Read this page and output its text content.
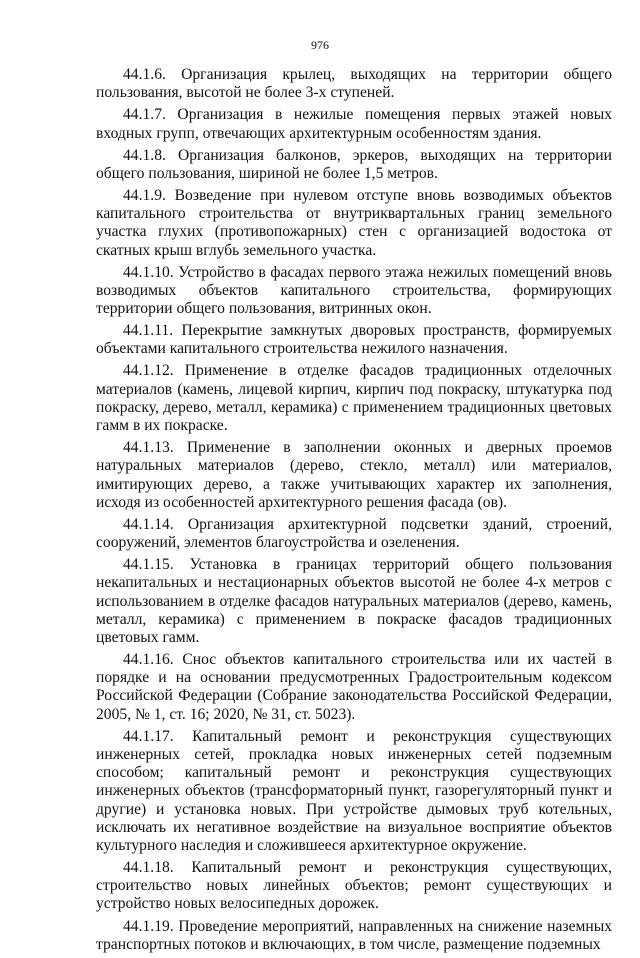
976

44.1.6. Организация крылец, выходящих на территории общего пользования, высотой не более 3-х ступеней.

44.1.7. Организация в нежилые помещения первых этажей новых входных групп, отвечающих архитектурным особенностям здания.

44.1.8. Организация балконов, эркеров, выходящих на территории общего пользования, шириной не более 1,5 метров.

44.1.9. Возведение при нулевом отступе вновь возводимых объектов капитального строительства от внутриквартальных границ земельного участка глухих (противопожарных) стен с организацией водостока от скатных крыш вглубь земельного участка.

44.1.10. Устройство в фасадах первого этажа нежилых помещений вновь возводимых объектов капитального строительства, формирующих территории общего пользования, витринных окон.

44.1.11. Перекрытие замкнутых дворовых пространств, формируемых объектами капитального строительства нежилого назначения.

44.1.12. Применение в отделке фасадов традиционных отделочных материалов (камень, лицевой кирпич, кирпич под покраску, штукатурка под покраску, дерево, металл, керамика) с применением традиционных цветовых гамм в их покраске.

44.1.13. Применение в заполнении оконных и дверных проемов натуральных материалов (дерево, стекло, металл) или материалов, имитирующих дерево, а также учитывающих характер их заполнения, исходя из особенностей архитектурного решения фасада (ов).

44.1.14. Организация архитектурной подсветки зданий, строений, сооружений, элементов благоустройства и озеленения.

44.1.15. Установка в границах территорий общего пользования некапитальных и нестационарных объектов высотой не более 4-х метров с использованием в отделке фасадов натуральных материалов (дерево, камень, металл, керамика) с применением в покраске фасадов традиционных цветовых гамм.

44.1.16. Снос объектов капитального строительства или их частей в порядке и на основании предусмотренных Градостроительным кодексом Российской Федерации (Собрание законодательства Российской Федерации, 2005, № 1, ст. 16; 2020, № 31, ст. 5023).

44.1.17. Капитальный ремонт и реконструкция существующих инженерных сетей, прокладка новых инженерных сетей подземным способом; капитальный ремонт и реконструкция существующих инженерных объектов (трансформаторный пункт, газорегуляторный пункт и другие) и установка новых. При устройстве дымовых труб котельных, исключать их негативное воздействие на визуальное восприятие объектов культурного наследия и сложившееся архитектурное окружение.

44.1.18. Капитальный ремонт и реконструкция существующих, строительство новых линейных объектов; ремонт существующих и устройство новых велосипедных дорожек.

44.1.19. Проведение мероприятий, направленных на снижение наземных транспортных потоков и включающих, в том числе, размещение подземных
